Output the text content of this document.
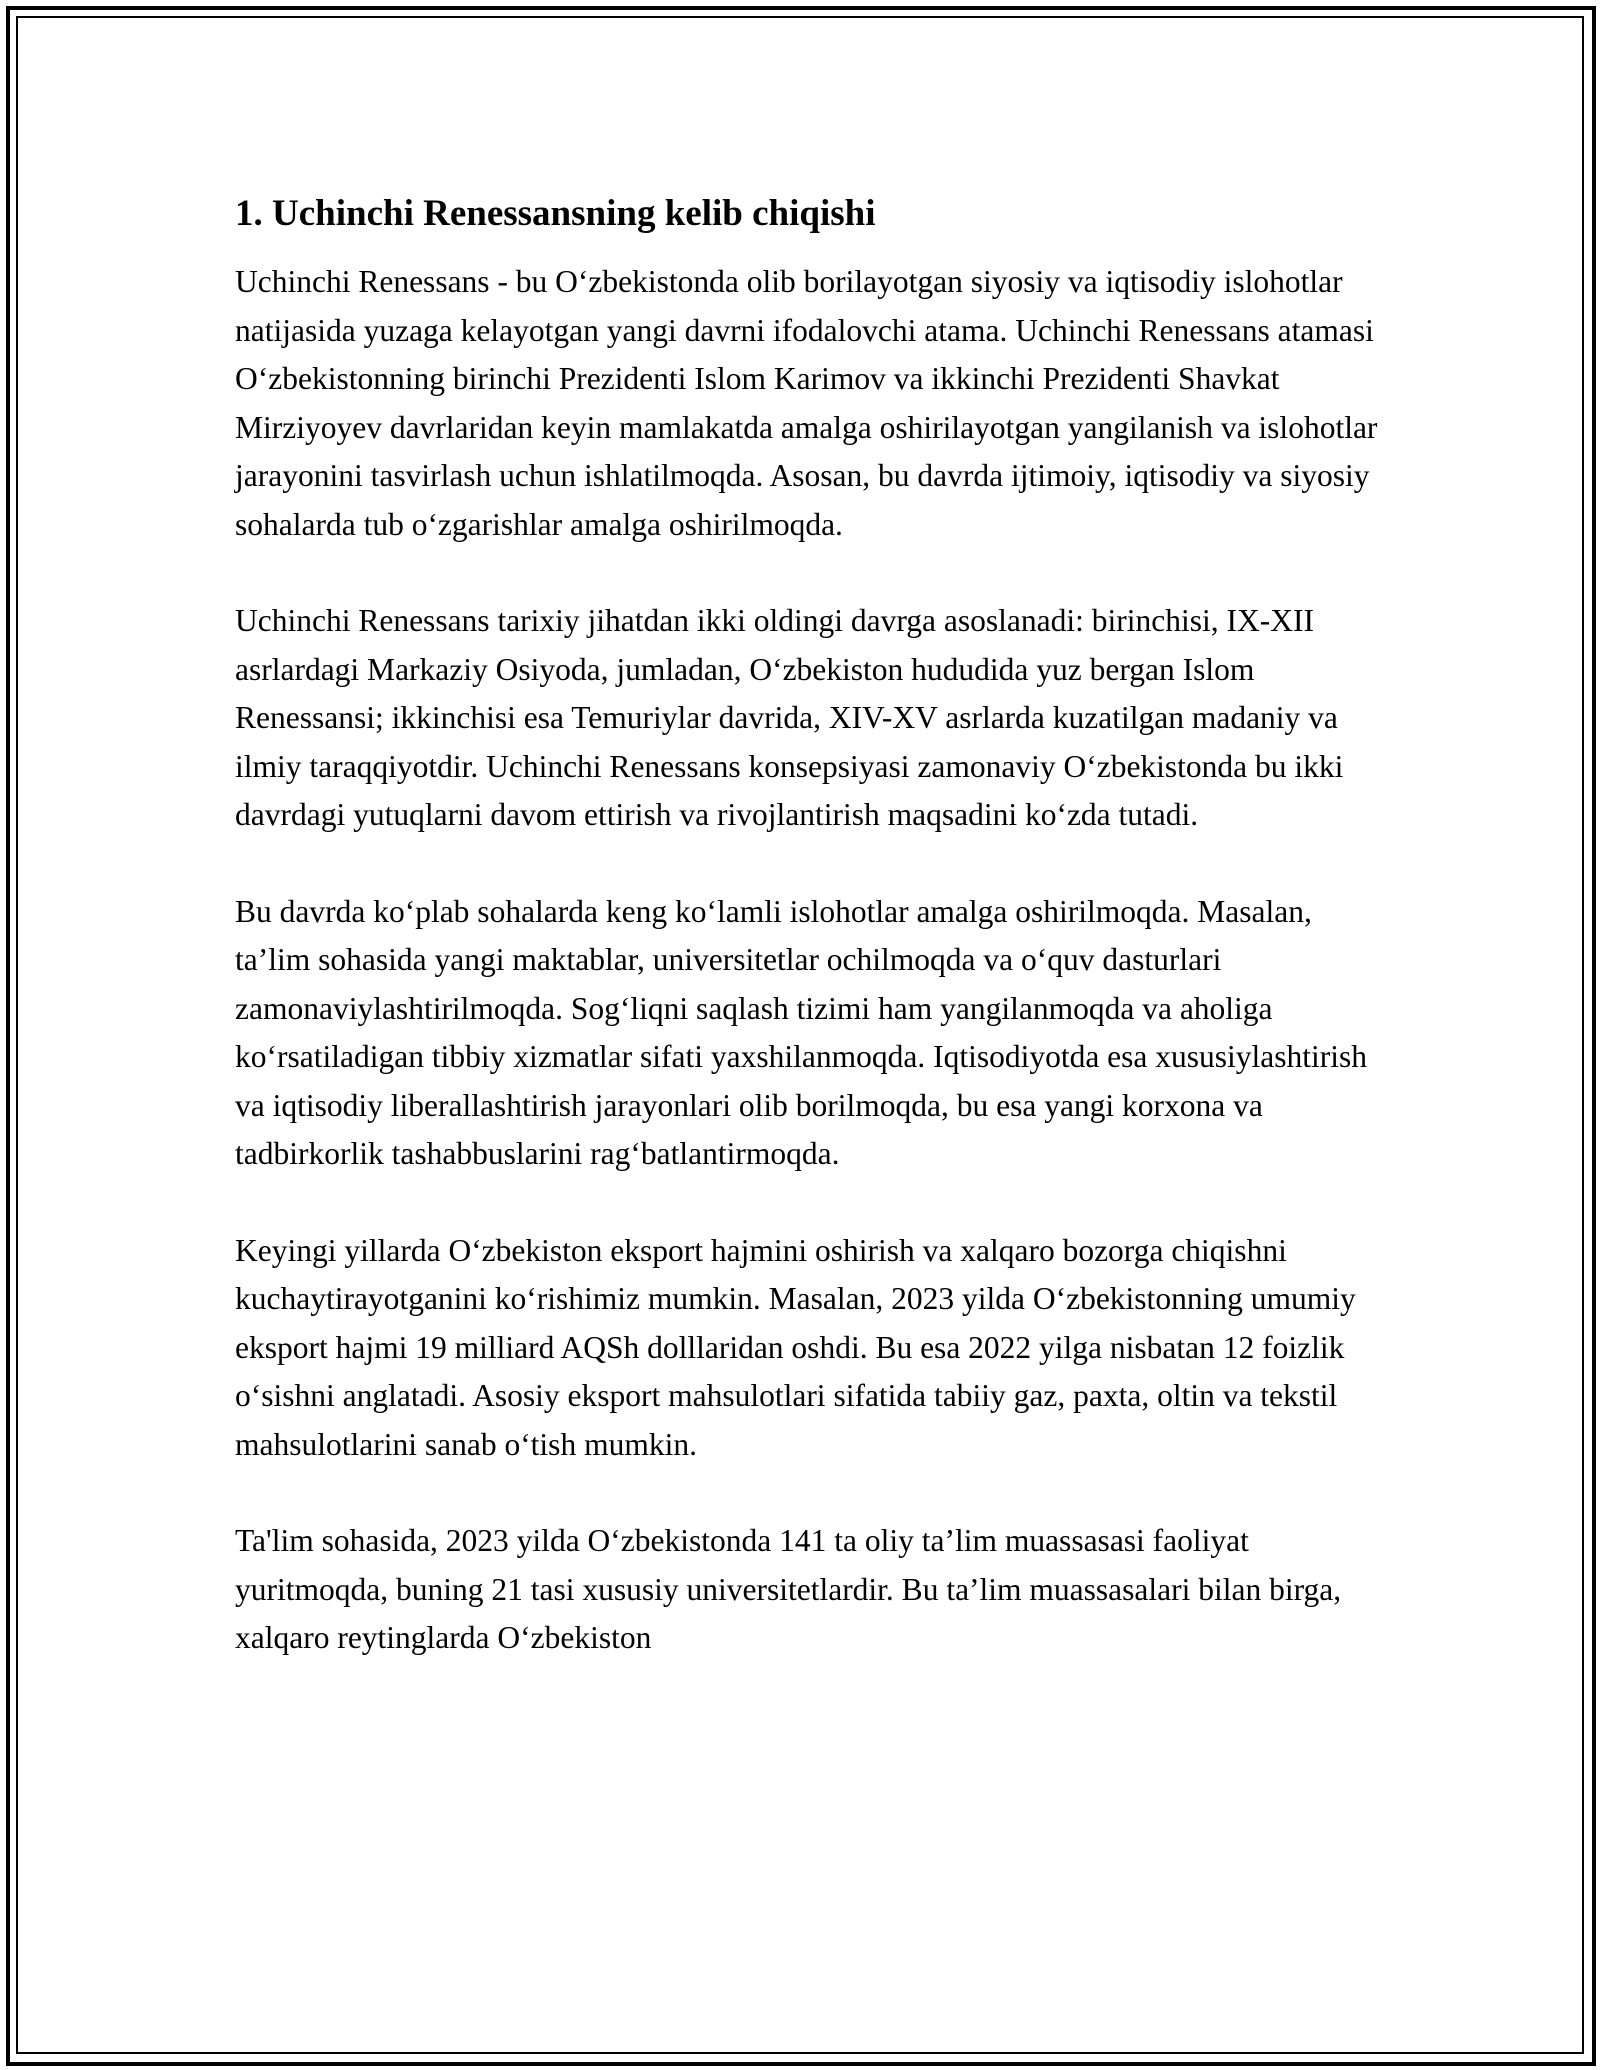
1. Uchinchi Renessansning kelib chiqishi

Uchinchi Renessans - bu O‘zbekistonda olib borilayotgan siyosiy va iqtisodiy islohotlar natijasida yuzaga kelayotgan yangi davrni ifodalovchi atama. Uchinchi Renessans atamasi O‘zbekistonning birinchi Prezidenti Islom Karimov va ikkinchi Prezidenti Shavkat Mirziyoyev davrlaridan keyin mamlakatda amalga oshirilayotgan yangilanish va islohotlar jarayonini tasvirlash uchun ishlatilmoqda. Asosan, bu davrda ijtimoiy, iqtisodiy va siyosiy sohalarda tub o‘zgarishlar amalga oshirilmoqda.

Uchinchi Renessans tarixiy jihatdan ikki oldingi davrga asoslanadi: birinchisi, IX-XII asrlardagi Markaziy Osiyoda, jumladan, O‘zbekiston hududida yuz bergan Islom Renessansi; ikkinchisi esa Temuriylar davrida, XIV-XV asrlarda kuzatilgan madaniy va ilmiy taraqqiyotdir. Uchinchi Renessans konsepsiyasi zamonaviy O‘zbekistonda bu ikki davrdagi yutuqlarni davom ettirish va rivojlantirish maqsadini ko‘zda tutadi.

Bu davrda ko‘plab sohalarda keng ko‘lamli islohotlar amalga oshirilmoqda. Masalan, ta’lim sohasida yangi maktablar, universitetlar ochilmoqda va o‘quv dasturlari zamonaviylashtirilmoqda. Sog‘liqni saqlash tizimi ham yangilanmoqda va aholiga ko‘rsatiladigan tibbiy xizmatlar sifati yaxshilanmoqda. Iqtisodiyotda esa xususiylashtirish va iqtisodiy liberallashtirish jarayonlari olib borilmoqda, bu esa yangi korxona va tadbirkorlik tashabbuslarini rag‘batlantirmoqda.

Keyingi yillarda O‘zbekiston eksport hajmini oshirish va xalqaro bozorga chiqishni kuchaytirayotganini ko‘rishimiz mumkin. Masalan, 2023 yilda O‘zbekistonning umumiy eksport hajmi 19 milliard AQSh dolllaridan oshdi. Bu esa 2022 yilga nisbatan 12 foizlik o‘sishni anglatadi. Asosiy eksport mahsulotlari sifatida tabiiy gaz, paxta, oltin va tekstil mahsulotlarini sanab o‘tish mumkin.

Ta'lim sohasida, 2023 yilda O‘zbekistonda 141 ta oliy ta’lim muassasasi faoliyat yuritmoqda, buning 21 tasi xususiy universitetlardir. Bu ta’lim muassasalari bilan birga, xalqaro reytinglarda O‘zbekiston
